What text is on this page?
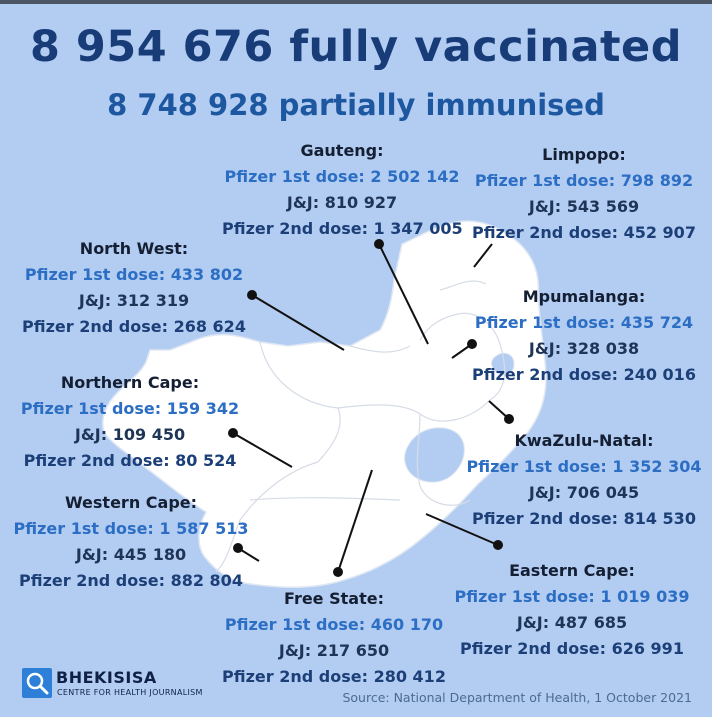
8 954 676 fully vaccinated
8 748 928 partially immunised
Gauteng:
Pfizer 1st dose: 2 502 142
J&J: 810 927
Pfizer 2nd dose: 1 347 005
Limpopo:
Pfizer 1st dose: 798 892
J&J: 543 569
Pfizer 2nd dose: 452 907
North West:
Pfizer 1st dose: 433 802
J&J: 312 319
Pfizer 2nd dose: 268 624
Mpumalanga:
Pfizer 1st dose: 435 724
J&J: 328 038
Pfizer 2nd dose: 240 016
Northern Cape:
Pfizer 1st dose: 159 342
J&J: 109 450
Pfizer 2nd dose: 80 524
KwaZulu-Natal:
Pfizer 1st dose: 1 352 304
J&J: 706 045
Pfizer 2nd dose: 814 530
Western Cape:
Pfizer 1st dose: 1 587 513
J&J: 445 180
Pfizer 2nd dose: 882 804
Eastern Cape:
Pfizer 1st dose: 1 019 039
J&J: 487 685
Pfizer 2nd dose: 626 991
Free State:
Pfizer 1st dose: 460 170
J&J: 217 650
Pfizer 2nd dose: 280 412
BHEKISISA
CENTRE FOR HEALTH JOURNALISM	Source: National Department of Health, 1 October 2021
